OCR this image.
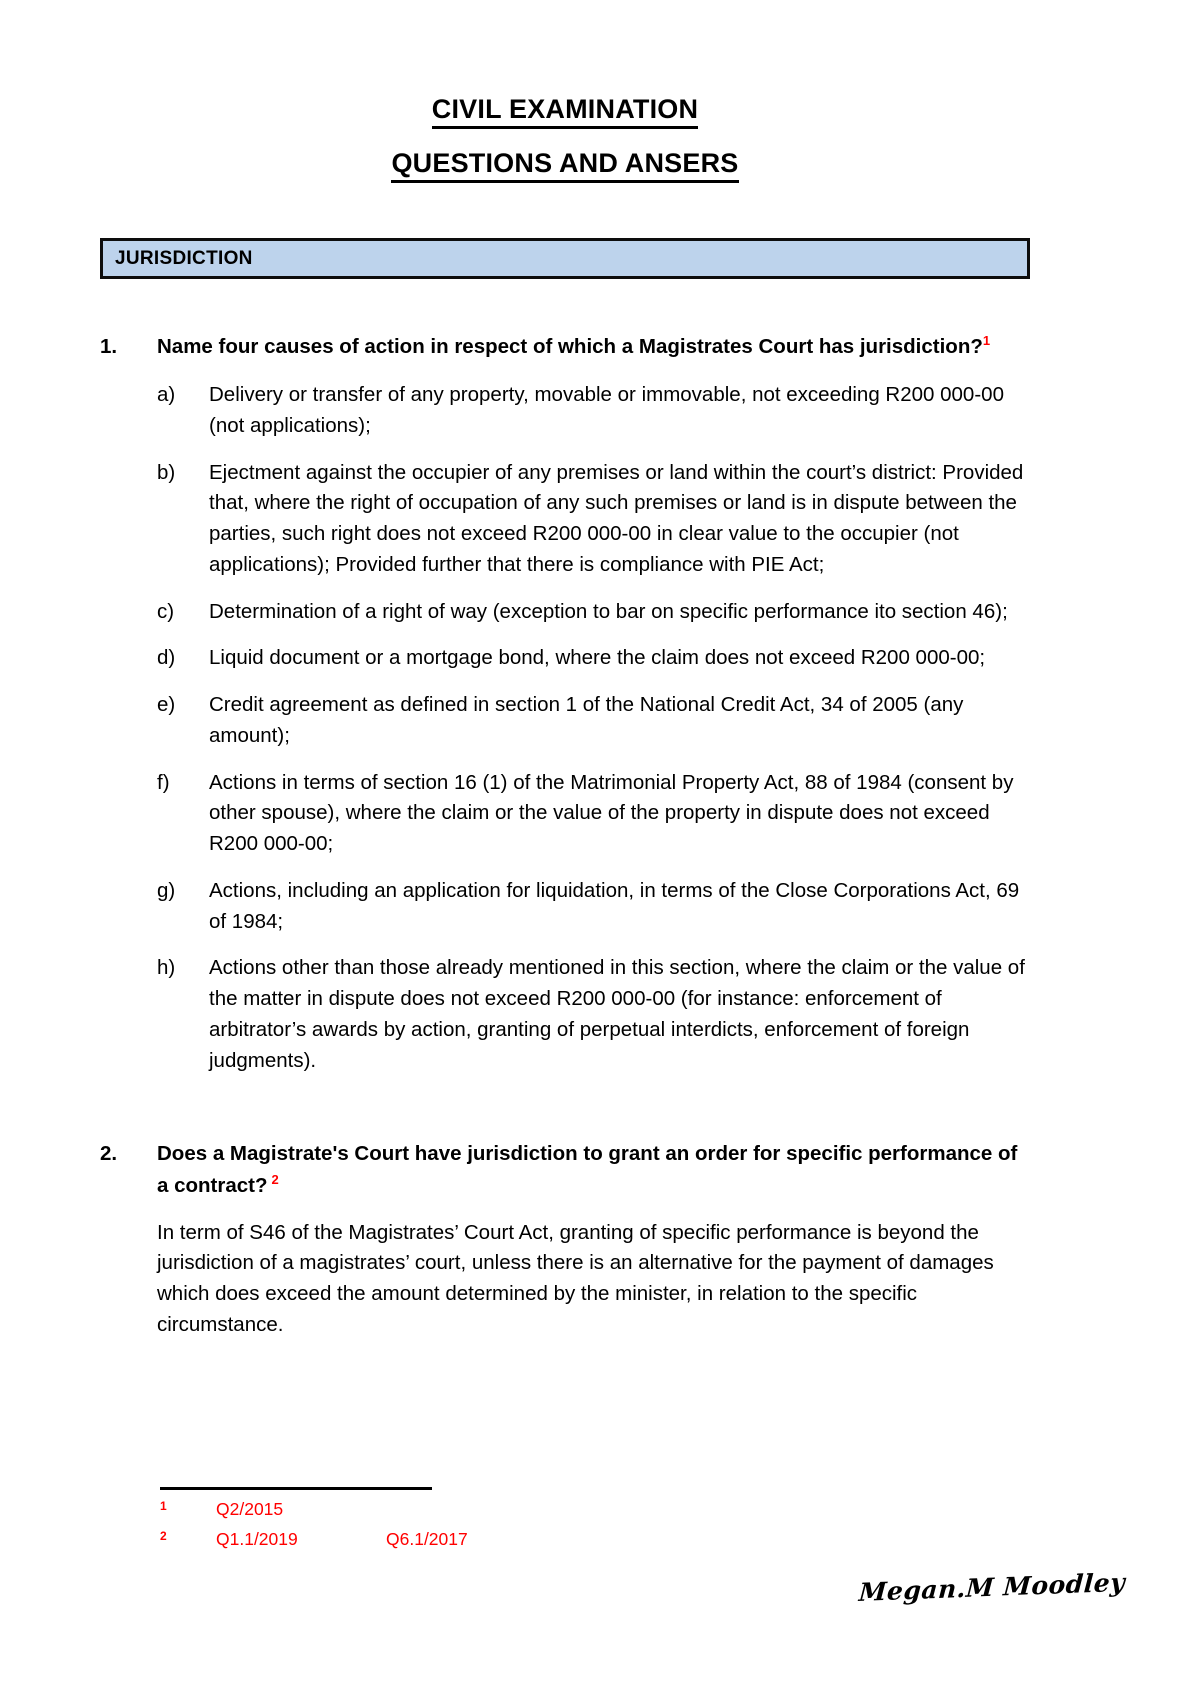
CIVIL EXAMINATION
QUESTIONS AND ANSERS
JURISDICTION
1.	Name four causes of action in respect of which a Magistrates Court has jurisdiction?$^1$
a)	Delivery or transfer of any property, movable or immovable, not exceeding R200 000-00 (not applications);
b)	Ejectment against the occupier of any premises or land within the court’s district: Provided that, where the right of occupation of any such premises or land is in dispute between the parties, such right does not exceed R200 000-00 in clear value to the occupier (not applications); Provided further that there is compliance with PIE Act;
c)	Determination of a right of way (exception to bar on specific performance ito section 46);
d)	Liquid document or a mortgage bond, where the claim does not exceed R200 000-00;
e)	Credit agreement as defined in section 1 of the National Credit Act, 34 of 2005 (any amount);
f)	Actions in terms of section 16 (1) of the Matrimonial Property Act, 88 of 1984 (consent by other spouse), where the claim or the value of the property in dispute does not exceed R200 000-00;
g)	Actions, including an application for liquidation, in terms of the Close Corporations Act, 69 of 1984;
h)	Actions other than those already mentioned in this section, where the claim or the value of the matter in dispute does not exceed R200 000-00 (for instance: enforcement of arbitrator’s awards by action, granting of perpetual interdicts, enforcement of foreign judgments).
2.	Does a Magistrate's Court have jurisdiction to grant an order for specific performance of a contract? $^2$
In term of S46 of the Magistrates’ Court Act, granting of specific performance is beyond the jurisdiction of a magistrates’ court, unless there is an alternative for the payment of damages which does exceed the amount determined by the minister, in relation to the specific circumstance.
1	Q2/2015
2	Q1.1/2019	Q6.1/2017
Megan.M Moodley
